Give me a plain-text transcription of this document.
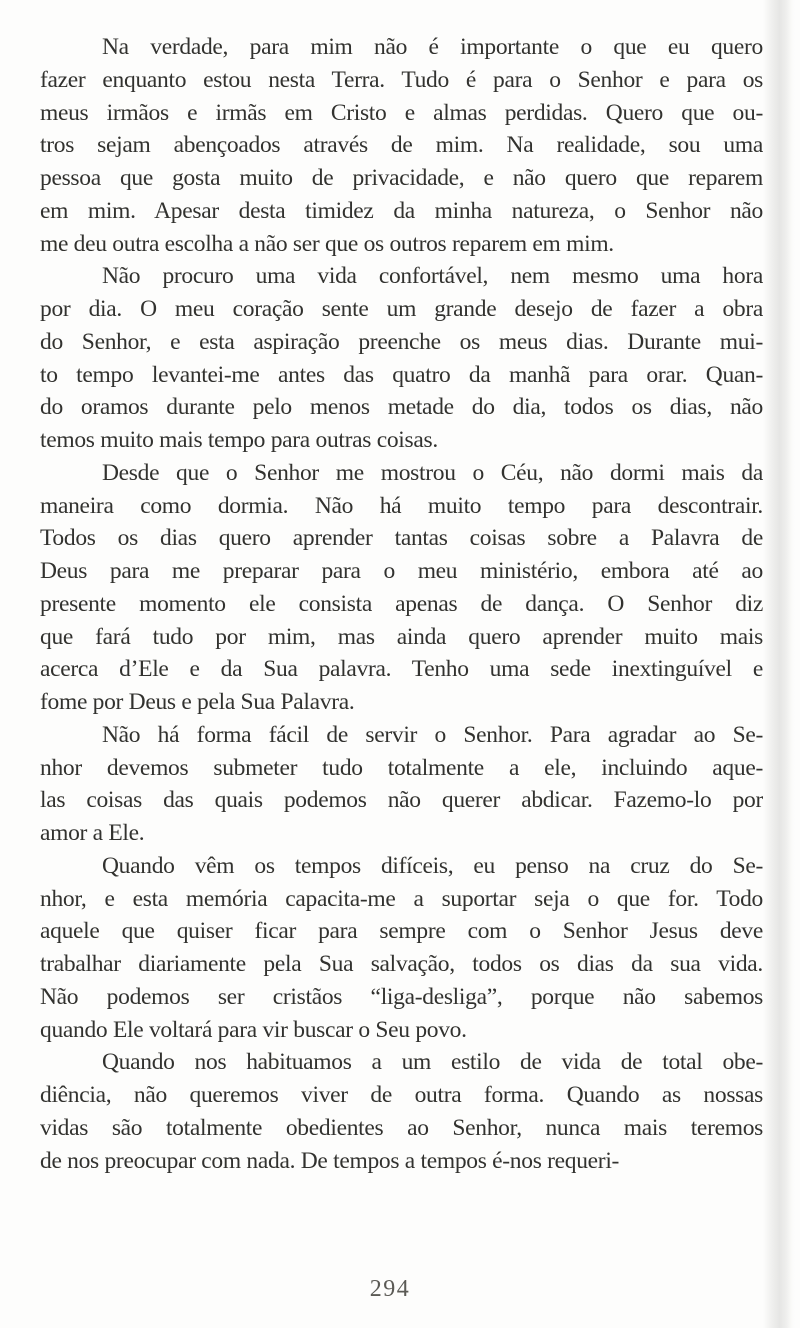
Na verdade, para mim não é importante o que eu quero
fazer enquanto estou nesta Terra. Tudo é para o Senhor e para os
meus irmãos e irmãs em Cristo e almas perdidas. Quero que ou-
tros sejam abençoados através de mim. Na realidade, sou uma
pessoa que gosta muito de privacidade, e não quero que reparem
em mim. Apesar desta timidez da minha natureza, o Senhor não
me deu outra escolha a não ser que os outros reparem em mim.
Não procuro uma vida confortável, nem mesmo uma hora
por dia. O meu coração sente um grande desejo de fazer a obra
do Senhor, e esta aspiração preenche os meus dias. Durante mui-
to tempo levantei-me antes das quatro da manhã para orar. Quan-
do oramos durante pelo menos metade do dia, todos os dias, não
temos muito mais tempo para outras coisas.
Desde que o Senhor me mostrou o Céu, não dormi mais da
maneira como dormia. Não há muito tempo para descontrair.
Todos os dias quero aprender tantas coisas sobre a Palavra de
Deus para me preparar para o meu ministério, embora até ao
presente momento ele consista apenas de dança. O Senhor diz
que fará tudo por mim, mas ainda quero aprender muito mais
acerca d’Ele e da Sua palavra. Tenho uma sede inextinguível e
fome por Deus e pela Sua Palavra.
Não há forma fácil de servir o Senhor. Para agradar ao Se-
nhor devemos submeter tudo totalmente a ele, incluindo aque-
las coisas das quais podemos não querer abdicar. Fazemo-lo por
amor a Ele.
Quando vêm os tempos difíceis, eu penso na cruz do Se-
nhor, e esta memória capacita-me a suportar seja o que for. Todo
aquele que quiser ficar para sempre com o Senhor Jesus deve
trabalhar diariamente pela Sua salvação, todos os dias da sua vida.
Não podemos ser cristãos “liga-desliga”, porque não sabemos
quando Ele voltará para vir buscar o Seu povo.
Quando nos habituamos a um estilo de vida de total obe-
diência, não queremos viver de outra forma. Quando as nossas
vidas são totalmente obedientes ao Senhor, nunca mais teremos
de nos preocupar com nada. De tempos a tempos é-nos requeri-
294
